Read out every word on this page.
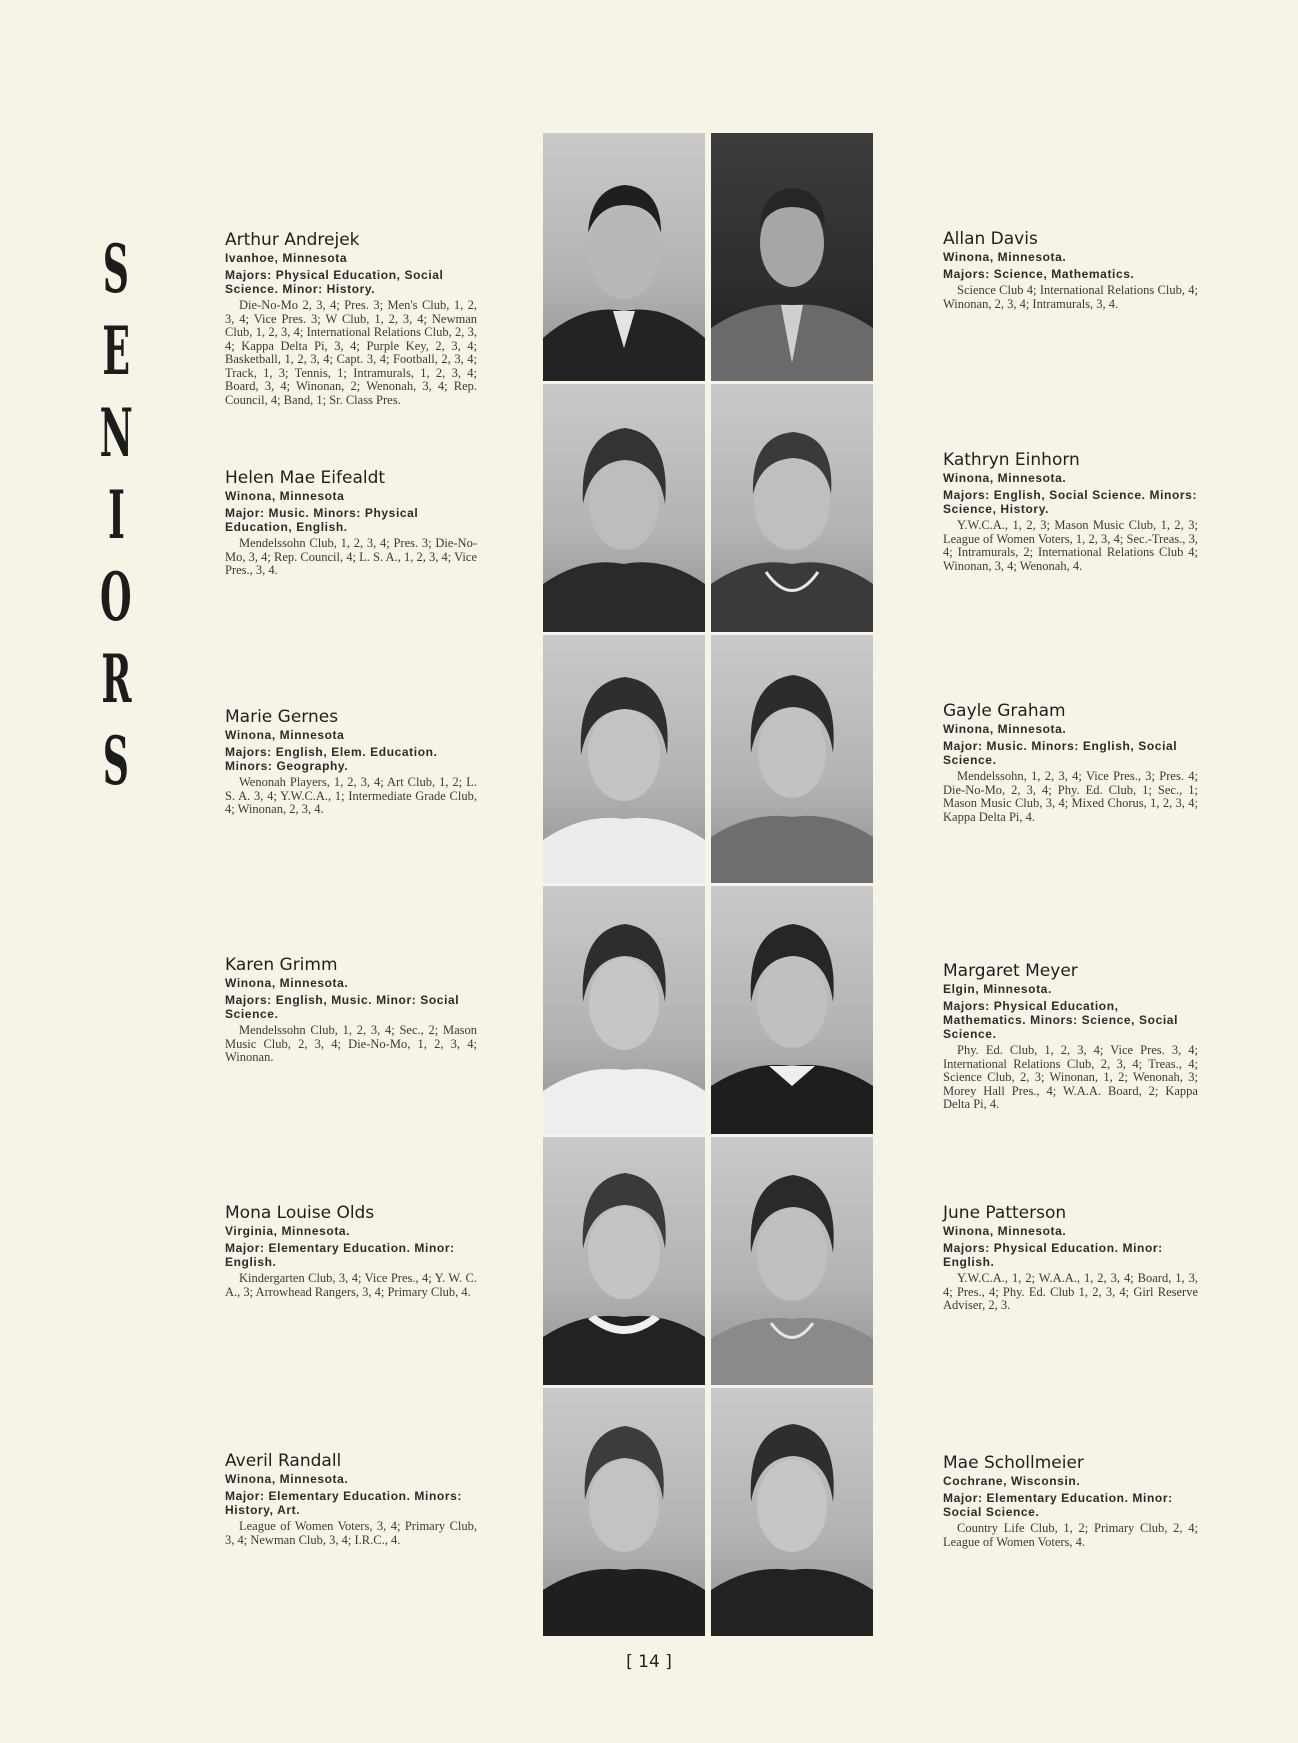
S
E
N
I
O
R
S

Arthur Andrejek

Ivanhoe, Minnesota

Majors: Physical Education, Social Science. Minor: History.

Die-No-Mo 2, 3, 4; Pres. 3; Men's Club, 1, 2, 3, 4; Vice Pres. 3; W Club, 1, 2, 3, 4; Newman Club, 1, 2, 3, 4; International Relations Club, 2, 3, 4; Kappa Delta Pi, 3, 4; Purple Key, 2, 3, 4; Basketball, 1, 2, 3, 4; Capt. 3, 4; Football, 2, 3, 4; Track, 1, 3; Tennis, 1; Intramurals, 1, 2, 3, 4; Board, 3, 4; Winonan, 2; Wenonah, 3, 4; Rep. Council, 4; Band, 1; Sr. Class Pres.

Helen Mae Eifealdt

Winona, Minnesota

Major: Music. Minors: Physical Education, English.

Mendelssohn Club, 1, 2, 3, 4; Pres. 3; Die-No-Mo, 3, 4; Rep. Council, 4; L. S. A., 1, 2, 3, 4; Vice Pres., 3, 4.

Marie Gernes

Winona, Minnesota

Majors: English, Elem. Education. Minors: Geography.

Wenonah Players, 1, 2, 3, 4; Art Club, 1, 2; L. S. A. 3, 4; Y.W.C.A., 1; Intermediate Grade Club, 4; Winonan, 2, 3, 4.

Karen Grimm

Winona, Minnesota.

Majors: English, Music. Minor: Social Science.

Mendelssohn Club, 1, 2, 3, 4; Sec., 2; Mason Music Club, 2, 3, 4; Die-No-Mo, 1, 2, 3, 4; Winonan.

Mona Louise Olds

Virginia, Minnesota.

Major: Elementary Education. Minor: English.

Kindergarten Club, 3, 4; Vice Pres., 4; Y. W. C. A., 3; Arrowhead Rangers, 3, 4; Primary Club, 4.

Averil Randall

Winona, Minnesota.

Major: Elementary Education. Minors: History, Art.

League of Women Voters, 3, 4; Primary Club, 3, 4; Newman Club, 3, 4; I.R.C., 4.

Allan Davis

Winona, Minnesota.

Majors: Science, Mathematics.

Science Club 4; International Relations Club, 4; Winonan, 2, 3, 4; Intramurals, 3, 4.

Kathryn Einhorn

Winona, Minnesota.

Majors: English, Social Science. Minors: Science, History.

Y.W.C.A., 1, 2, 3; Mason Music Club, 1, 2, 3; League of Women Voters, 1, 2, 3, 4; Sec.-Treas., 3, 4; Intramurals, 2; International Relations Club 4; Winonan, 3, 4; Wenonah, 4.

Gayle Graham

Winona, Minnesota.

Major: Music. Minors: English, Social Science.

Mendelssohn, 1, 2, 3, 4; Vice Pres., 3; Pres. 4; Die-No-Mo, 2, 3, 4; Phy. Ed. Club, 1; Sec., 1; Mason Music Club, 3, 4; Mixed Chorus, 1, 2, 3, 4; Kappa Delta Pi, 4.

Margaret Meyer

Elgin, Minnesota.

Majors: Physical Education, Mathematics. Minors: Science, Social Science.

Phy. Ed. Club, 1, 2, 3, 4; Vice Pres. 3, 4; International Relations Club, 2, 3, 4; Treas., 4; Science Club, 2, 3; Winonan, 1, 2; Wenonah, 3; Morey Hall Pres., 4; W.A.A. Board, 2; Kappa Delta Pi, 4.

June Patterson

Winona, Minnesota.

Majors: Physical Education. Minor: English.

Y.W.C.A., 1, 2; W.A.A., 1, 2, 3, 4; Board, 1, 3, 4; Pres., 4; Phy. Ed. Club 1, 2, 3, 4; Girl Reserve Adviser, 2, 3.

Mae Schollmeier

Cochrane, Wisconsin.

Major: Elementary Education. Minor: Social Science.

Country Life Club, 1, 2; Primary Club, 2, 4; League of Women Voters, 4.

[ 14 ]
